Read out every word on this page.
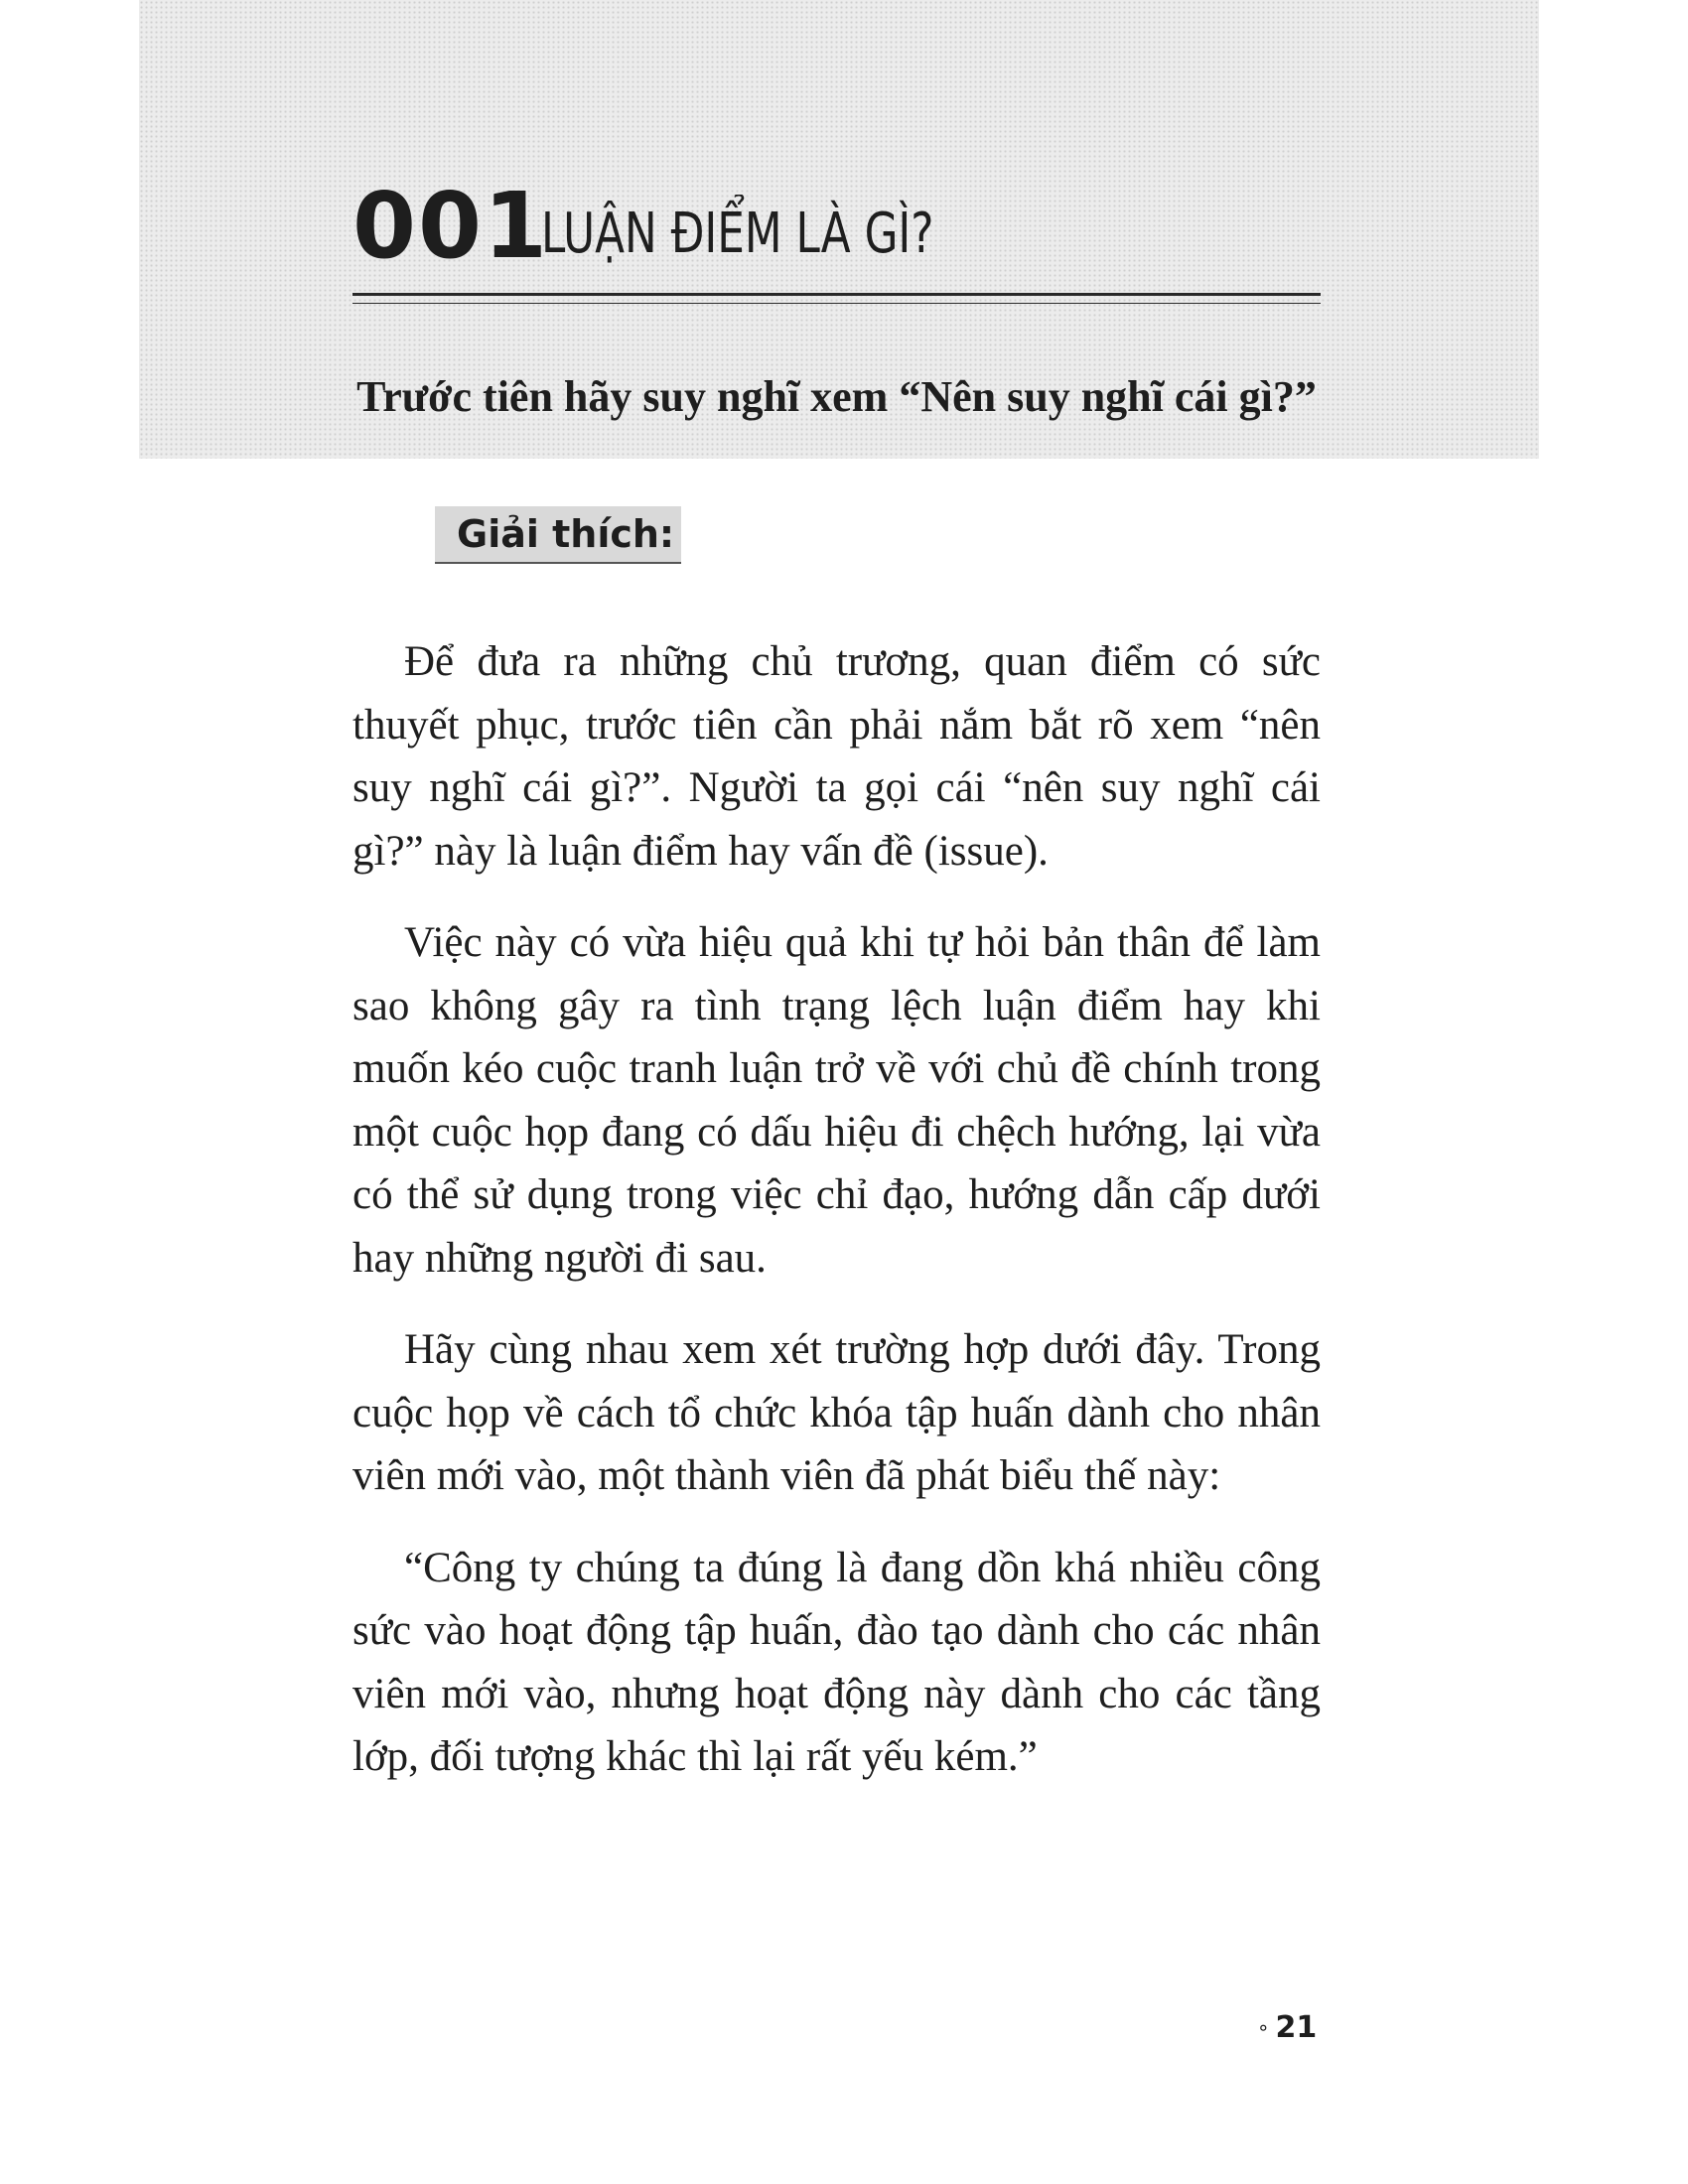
001
LUẬN ĐIỂM LÀ GÌ?
Trước tiên hãy suy nghĩ xem “Nên suy nghĩ cái gì?”
Giải thích:

Để đưa ra những chủ trương, quan điểm có sức thuyết phục, trước tiên cần phải nắm bắt rõ xem “nên suy nghĩ cái gì?”. Người ta gọi cái “nên suy nghĩ cái gì?” này là luận điểm hay vấn đề (issue).

Việc này có vừa hiệu quả khi tự hỏi bản thân để làm sao không gây ra tình trạng lệch luận điểm hay khi muốn kéo cuộc tranh luận trở về với chủ đề chính trong một cuộc họp đang có dấu hiệu đi chệch hướng, lại vừa có thể sử dụng trong việc chỉ đạo, hướng dẫn cấp dưới hay những người đi sau.

Hãy cùng nhau xem xét trường hợp dưới đây. Trong cuộc họp về cách tổ chức khóa tập huấn dành cho nhân viên mới vào, một thành viên đã phát biểu thế này:

“Công ty chúng ta đúng là đang dồn khá nhiều công sức vào hoạt động tập huấn, đào tạo dành cho các nhân viên mới vào, nhưng hoạt động này dành cho các tầng lớp, đối tượng khác thì lại rất yếu kém.”

∘ 21
